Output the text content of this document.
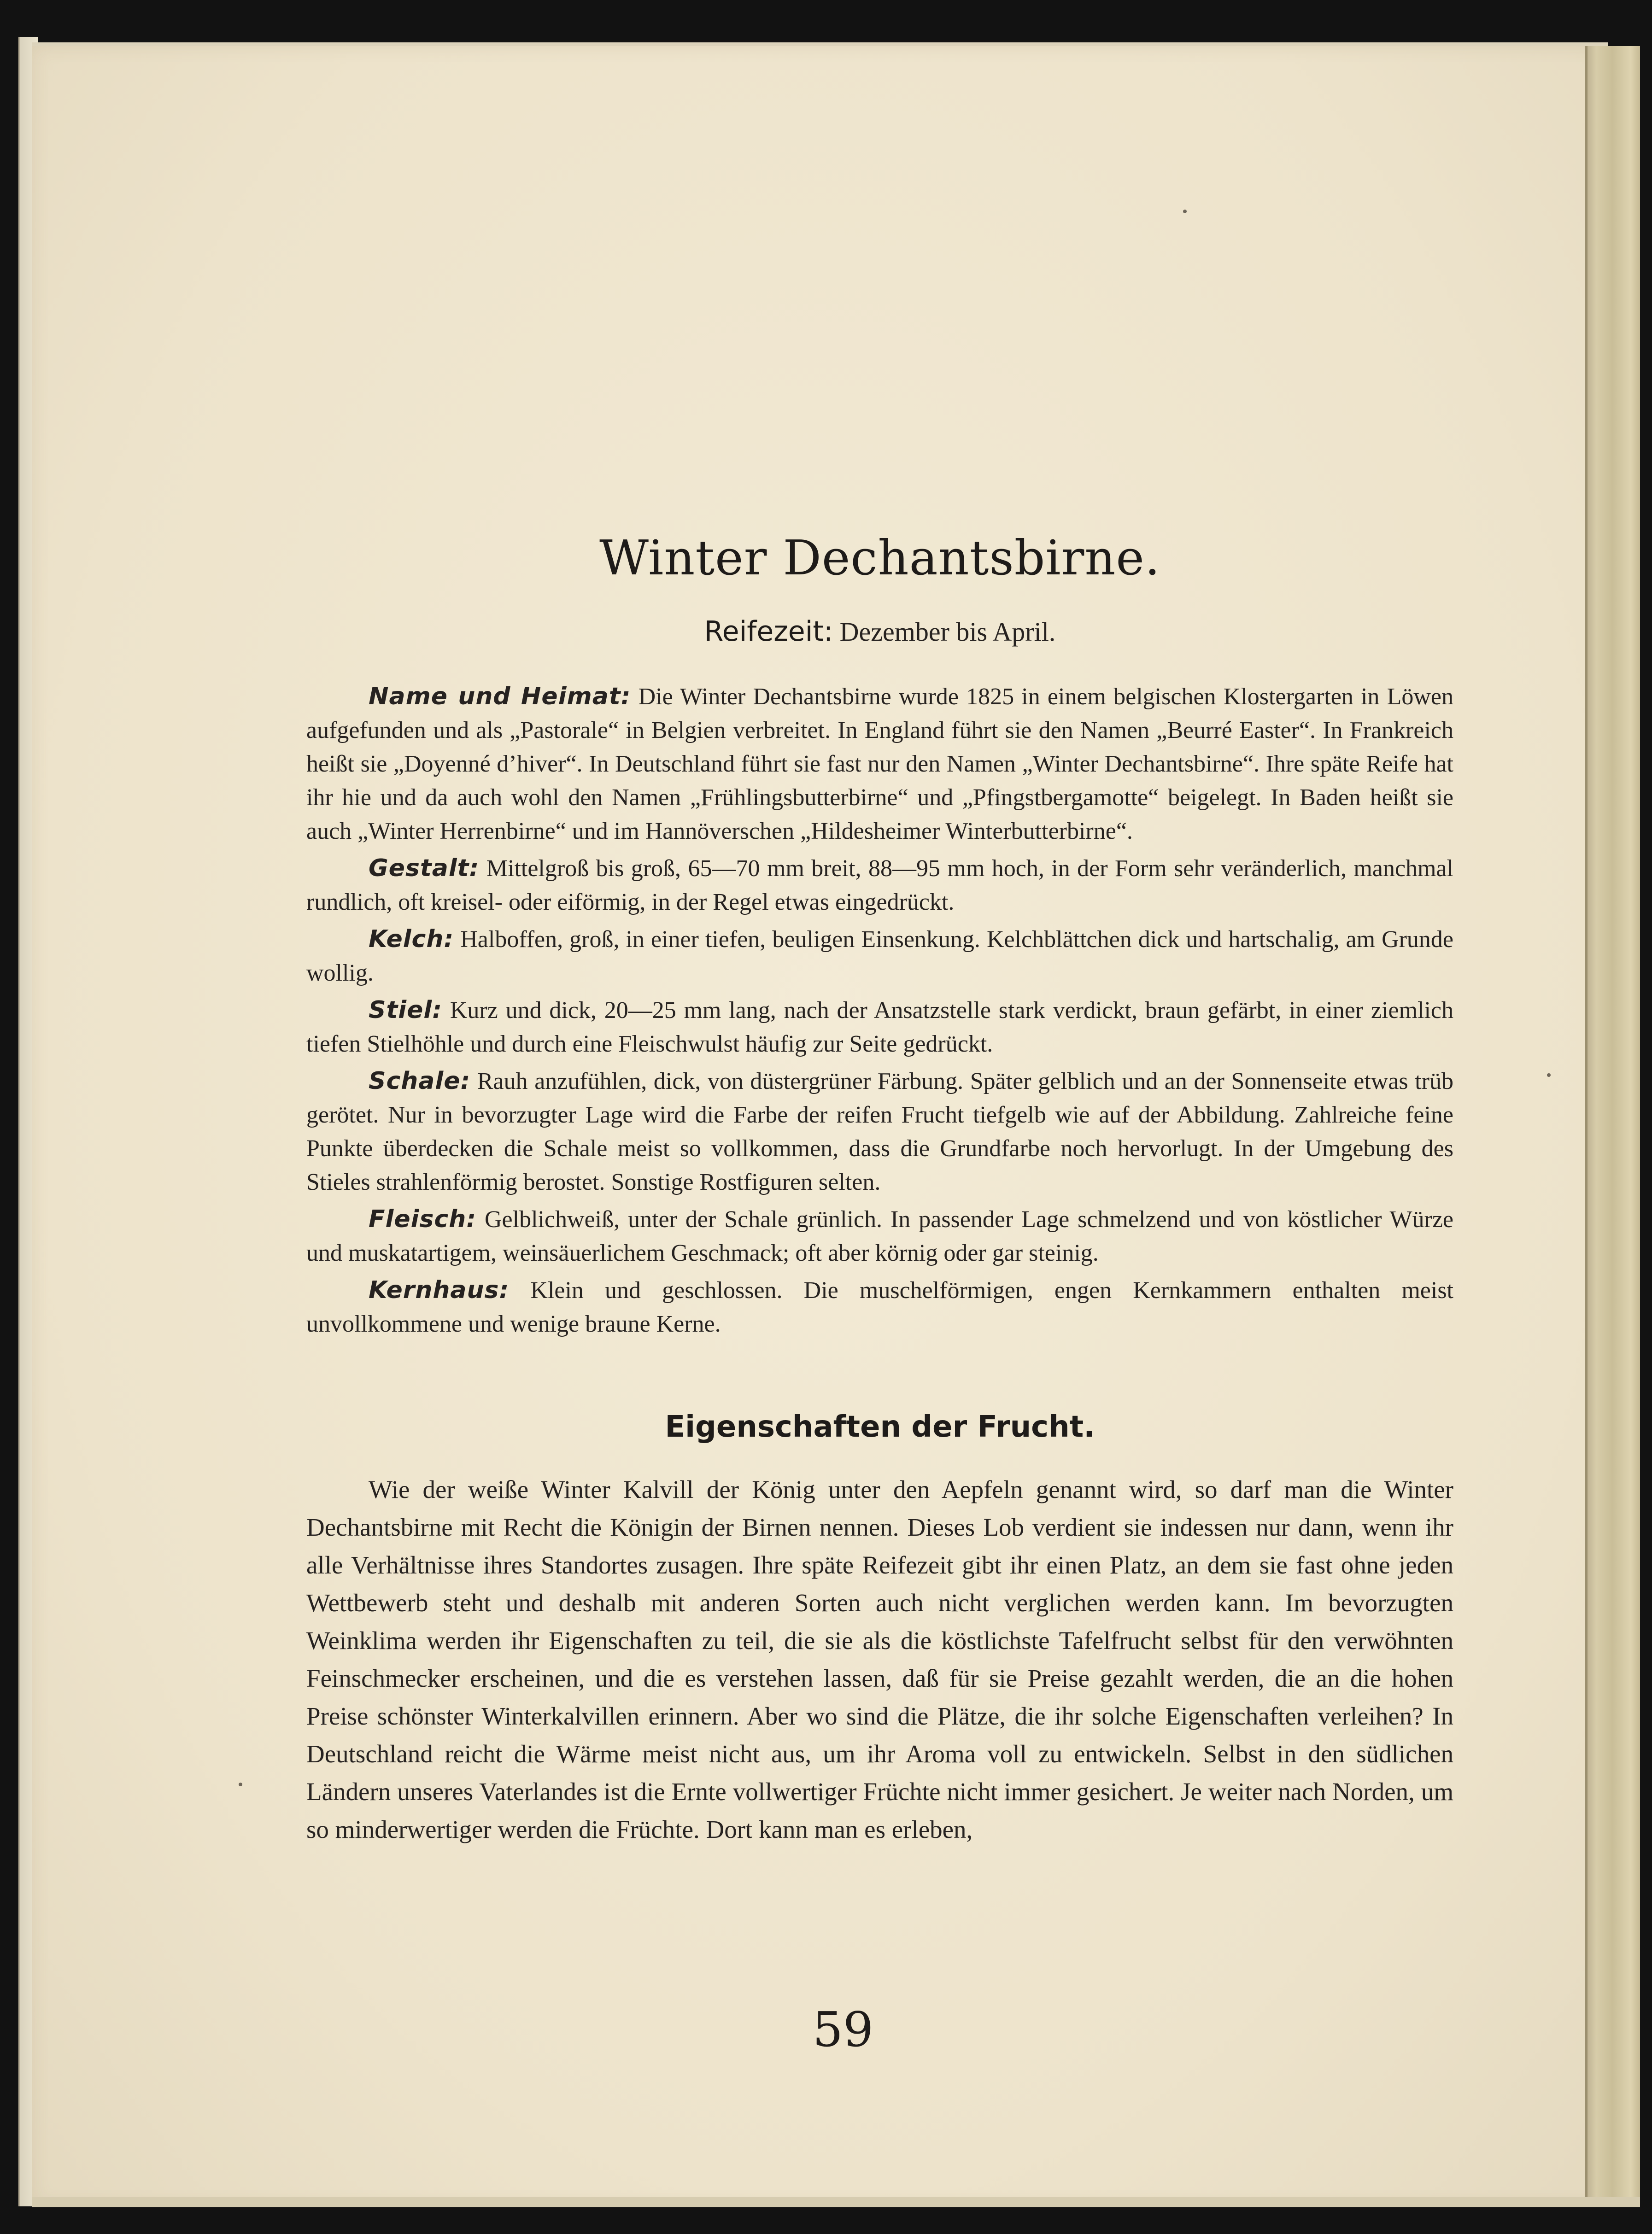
Winter Dechantsbirne.
Reifezeit: Dezember bis April.

Name und Heimat: Die Winter Dechantsbirne wurde 1825 in einem belgischen Klostergarten in Löwen aufgefunden und als „Pastorale“ in Belgien verbreitet. In England führt sie den Namen „Beurré Easter“. In Frankreich heißt sie „Doyenné d’hiver“. In Deutschland führt sie fast nur den Namen „Winter Dechantsbirne“. Ihre späte Reife hat ihr hie und da auch wohl den Namen „Frühlingsbutterbirne“ und „Pfingstbergamotte“ beigelegt. In Baden heißt sie auch „Winter Herrenbirne“ und im Hannöverschen „Hildesheimer Winterbutterbirne“.

Gestalt: Mittelgroß bis groß, 65—70 mm breit, 88—95 mm hoch, in der Form sehr veränderlich, manchmal rundlich, oft kreisel- oder eiförmig, in der Regel etwas eingedrückt.

Kelch: Halboffen, groß, in einer tiefen, beuligen Einsenkung. Kelchblättchen dick und hartschalig, am Grunde wollig.

Stiel: Kurz und dick, 20—25 mm lang, nach der Ansatzstelle stark verdickt, braun gefärbt, in einer ziemlich tiefen Stielhöhle und durch eine Fleischwulst häufig zur Seite gedrückt.

Schale: Rauh anzufühlen, dick, von düstergrüner Färbung. Später gelblich und an der Sonnenseite etwas trüb gerötet. Nur in bevorzugter Lage wird die Farbe der reifen Frucht tiefgelb wie auf der Abbildung. Zahlreiche feine Punkte überdecken die Schale meist so vollkommen, dass die Grundfarbe noch hervorlugt. In der Umgebung des Stieles strahlenförmig berostet. Sonstige Rostfiguren selten.

Fleisch: Gelblichweiß, unter der Schale grünlich. In passender Lage schmelzend und von köstlicher Würze und muskatartigem, weinsäuerlichem Geschmack; oft aber körnig oder gar steinig.

Kernhaus: Klein und geschlossen. Die muschelförmigen, engen Kernkammern enthalten meist unvollkommene und wenige braune Kerne.

Eigenschaften der Frucht.

Wie der weiße Winter Kalvill der König unter den Aepfeln genannt wird, so darf man die Winter Dechantsbirne mit Recht die Königin der Birnen nennen. Dieses Lob verdient sie indessen nur dann, wenn ihr alle Verhältnisse ihres Standortes zusagen. Ihre späte Reifezeit gibt ihr einen Platz, an dem sie fast ohne jeden Wettbewerb steht und deshalb mit anderen Sorten auch nicht verglichen werden kann. Im bevorzugten Weinklima werden ihr Eigenschaften zu teil, die sie als die köstlichste Tafelfrucht selbst für den verwöhnten Feinschmecker erscheinen, und die es verstehen lassen, daß für sie Preise gezahlt werden, die an die hohen Preise schönster Winterkalvillen erinnern. Aber wo sind die Plätze, die ihr solche Eigenschaften verleihen? In Deutschland reicht die Wärme meist nicht aus, um ihr Aroma voll zu entwickeln. Selbst in den südlichen Ländern unseres Vaterlandes ist die Ernte vollwertiger Früchte nicht immer gesichert. Je weiter nach Norden, um so minderwertiger werden die Früchte. Dort kann man es erleben,

59
